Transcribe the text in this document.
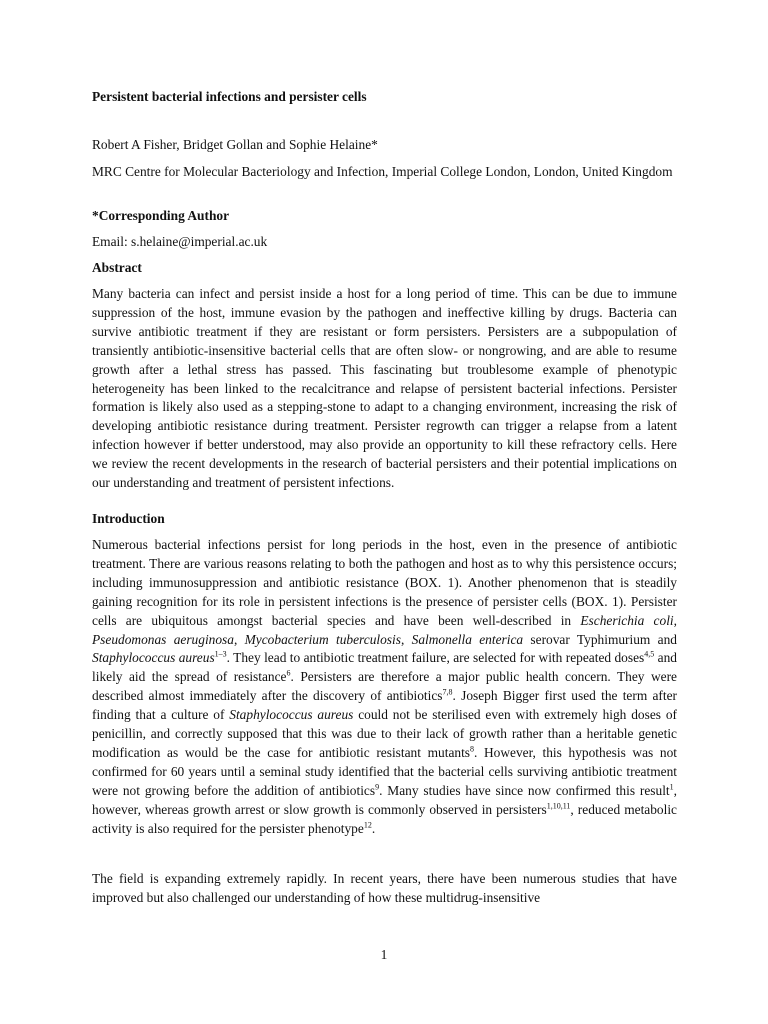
Persistent bacterial infections and persister cells

Robert A Fisher, Bridget Gollan and Sophie Helaine*

MRC Centre for Molecular Bacteriology and Infection, Imperial College London, London, United Kingdom

*Corresponding Author

Email: s.helaine@imperial.ac.uk

Abstract

Many bacteria can infect and persist inside a host for a long period of time. This can be due to immune suppression of the host, immune evasion by the pathogen and ineffective killing by drugs. Bacteria can survive antibiotic treatment if they are resistant or form persisters. Persisters are a subpopulation of transiently antibiotic-insensitive bacterial cells that are often slow- or nongrowing, and are able to resume growth after a lethal stress has passed. This fascinating but troublesome example of phenotypic heterogeneity has been linked to the recalcitrance and relapse of persistent bacterial infections. Persister formation is likely also used as a stepping-stone to adapt to a changing environment, increasing the risk of developing antibiotic resistance during treatment. Persister regrowth can trigger a relapse from a latent infection however if better understood, may also provide an opportunity to kill these refractory cells. Here we review the recent developments in the research of bacterial persisters and their potential implications on our understanding and treatment of persistent infections.

Introduction

Numerous bacterial infections persist for long periods in the host, even in the presence of antibiotic treatment. There are various reasons relating to both the pathogen and host as to why this persistence occurs; including immunosuppression and antibiotic resistance (BOX. 1). Another phenomenon that is steadily gaining recognition for its role in persistent infections is the presence of persister cells (BOX. 1). Persister cells are ubiquitous amongst bacterial species and have been well-described in Escherichia coli, Pseudomonas aeruginosa, Mycobacterium tuberculosis, Salmonella enterica serovar Typhimurium and Staphylococcus aureus$^{1-3}$. They lead to antibiotic treatment failure, are selected for with repeated doses$^{4,5}$ and likely aid the spread of resistance$^6$. Persisters are therefore a major public health concern. They were described almost immediately after the discovery of antibiotics$^{7,8}$. Joseph Bigger first used the term after finding that a culture of Staphylococcus aureus could not be sterilised even with extremely high doses of penicillin, and correctly supposed that this was due to their lack of growth rather than a heritable genetic modification as would be the case for antibiotic resistant mutants$^8$. However, this hypothesis was not confirmed for 60 years until a seminal study identified that the bacterial cells surviving antibiotic treatment were not growing before the addition of antibiotics$^9$. Many studies have since now confirmed this result$^1$, however, whereas growth arrest or slow growth is commonly observed in persisters$^{1,10,11}$, reduced metabolic activity is also required for the persister phenotype$^{12}$.

The field is expanding extremely rapidly. In recent years, there have been numerous studies that have improved but also challenged our understanding of how these multidrug-insensitive

1
